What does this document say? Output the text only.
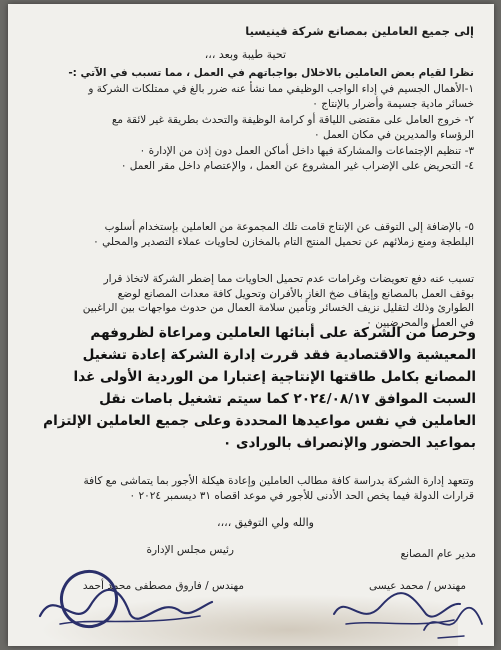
إلى جميع العاملين بمصانع شركة فينيسيا

تحية طيبة وبعد ،،،

نظرا لقيام بعض العاملين بالاخلال بواجباتهم في العمل ، مما تسبب في الآتي :-
١-الأهمال الجسيم في إداء الواجب الوظيفي مما نشأ عنه ضرر بالغ في ممتلكات الشركة و
خسائر مادية جسيمة وأضرار بالإنتاج ٠
٢- خروج العامل على مقتضى اللياقة أو كرامة الوظيفة والتحدث بطريقة غير لائقة مع
الرؤساء والمديرين في مكان العمل ٠
٣- تنظيم الإجتماعات والمشاركة فيها داخل أماكن العمل دون إذن من الإدارة ٠
٤- التحريض على الإضراب غير المشروع عن العمل ، والإعتصام داخل مقر العمل ٠
٥- بالإضافة إلى التوقف عن الإنتاج قامت تلك المجموعة من العاملين بإستخدام أسلوب
البلطجة ومنع زملائهم عن تحميل المنتج التام بالمخازن لحاويات عملاء التصدير والمحلي ٠
تسبب عنه دفع تعويضات وغرامات عدم تحميل الحاويات مما إضطر الشركة لاتخاذ قرار
بوقف العمل بالمصانع وإيقاف ضخ الغاز بالأفران وتحويل كافة معدات المصانع لوضع
الطوارئ وذلك لتقليل نزيف الخسائر وتأمين سلامة العمال من حدوث مواجهات بين الراغبين
في العمل والمحرضيين ٠
وحرصا من الشركة على أبنائها العاملين ومراعاة لظروفهم
المعيشية والاقتصادية فقد قررت إدارة الشركة إعادة تشغيل
المصانع بكامل طاقتها الإنتاجية إعتبارا من الوردية الأولى غدا
السبت الموافق ٢٠٢٤/٠٨/١٧ كما سيتم تشغيل باصات نقل
العاملين في نفس مواعيدها المحددة وعلى جميع العاملين الإلتزام
بمواعيد الحضور والإنصراف بالورادى ٠
وتتعهد إدارة الشركة بدراسة كافة مطالب العاملين وإعادة هيكلة الأجور بما يتماشى مع كافة
قرارات الدولة فيما يخص الحد الأدنى للأجور في موعد اقصاه ٣١ ديسمبر ٢٠٢٤ ٠

والله ولي التوفيق ،،،،

رئيس مجلس الإدارة

مهندس / فاروق مصطفى محمد أحمد

مدير عام المصانع

مهندس / محمد عيسى
